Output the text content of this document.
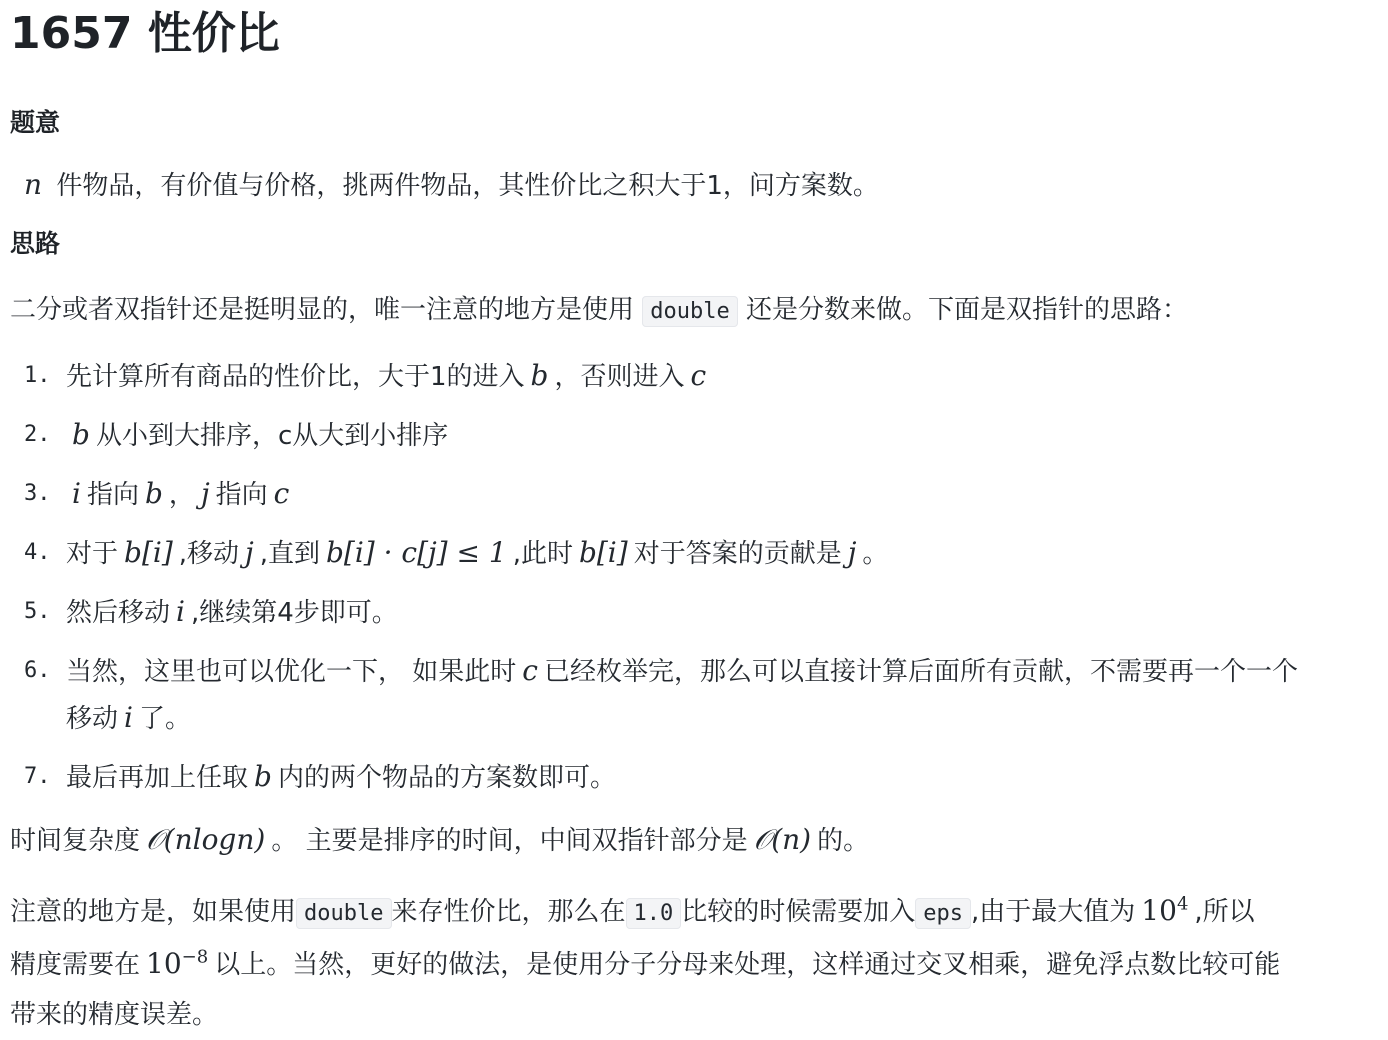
1657 性价比
题意

n 件物品，有价值与价格，挑两件物品，其性价比之积大于1，问方案数。

思路

二分或者双指针还是挺明显的，唯一注意的地方是使用 double 还是分数来做。下面是双指针的思路：

1. 先计算所有商品的性价比，大于1的进入 b ，否则进入 c
2. b 从小到大排序，c从大到小排序
3. i 指向 b ， j 指向 c
4. 对于 b[i] ,移动 j ,直到 b[i] · c[j] ≤ 1 ,此时 b[i] 对于答案的贡献是 j 。
5. 然后移动 i ,继续第4步即可。
6. 当然，这里也可以优化一下， 如果此时 c 已经枚举完，那么可以直接计算后面所有贡献，不需要再一个一个
移动 i 了。
7. 最后再加上任取 b 内的两个物品的方案数即可。

时间复杂度 𝒪(nlogn) 。 主要是排序的时间，中间双指针部分是 𝒪(n) 的。

注意的地方是，如果使用 double 来存性价比，那么在 1.0 比较的时候需要加入 eps ,由于最大值为 $10^4$ ,所以
精度需要在 $10^{-8}$ 以上。当然，更好的做法，是使用分子分母来处理，这样通过交叉相乘，避免浮点数比较可能
带来的精度误差。
